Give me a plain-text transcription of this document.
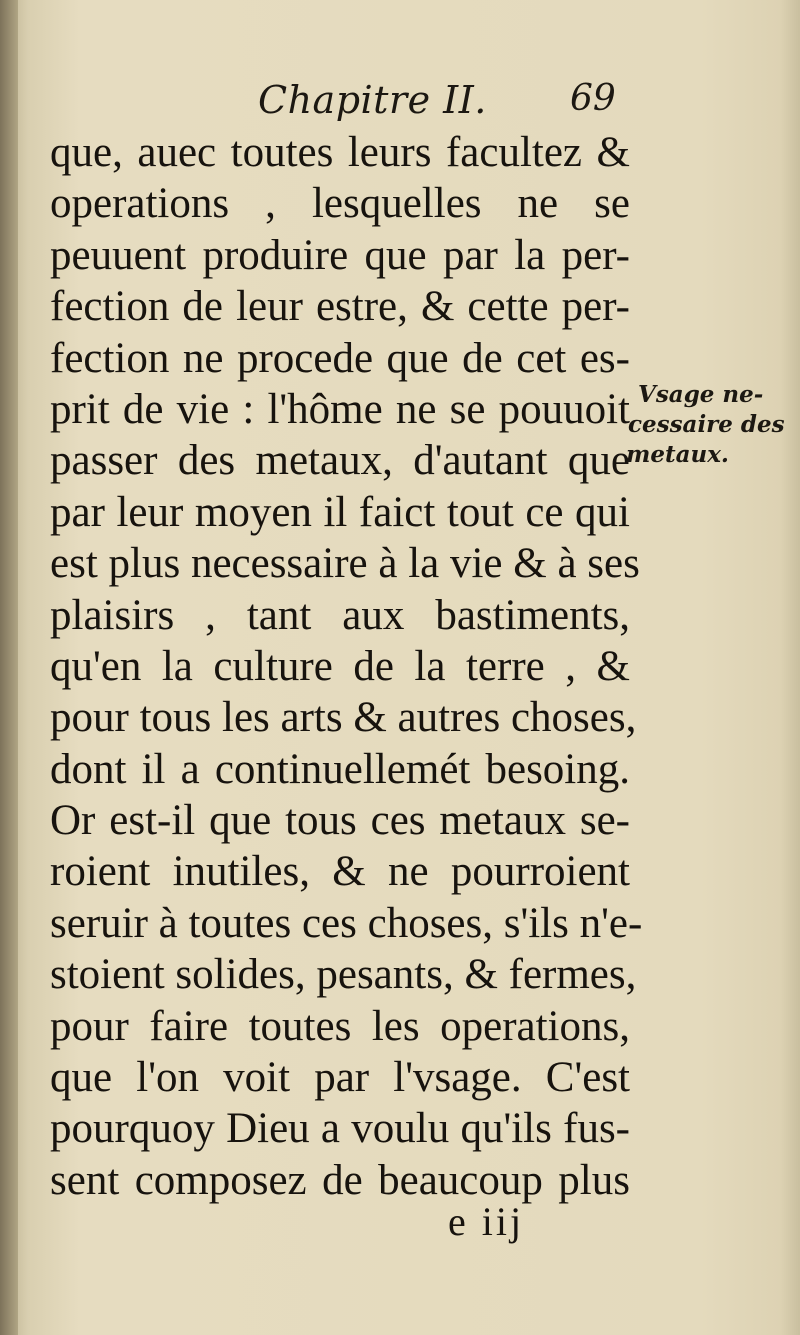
Chapitre II. 69
que, auec toutes leurs facultez &
operations , lesquelles ne se
peuuent produire que par la per-
fection de leur estre, & cette per-
fection ne procede que de cet es-
prit de vie : l'hôme ne se pouuoit
passer des metaux, d'autant que
par leur moyen il faict tout ce qui
est plus necessaire à la vie & à ses
plaisirs , tant aux bastiments,
qu'en la culture de la terre , &
pour tous les arts & autres choses,
dont il a continuellemét besoing.
Or est-il que tous ces metaux se-
roient inutiles, & ne pourroient
seruir à toutes ces choses, s'ils n'e-
stoient solides, pesants, & fermes,
pour faire toutes les operations,
que l'on voit par l'vsage. C'est
pourquoy Dieu a voulu qu'ils fus-
sent composez de beaucoup plus
Vsage ne-
cessaire des
metaux.
e iij
